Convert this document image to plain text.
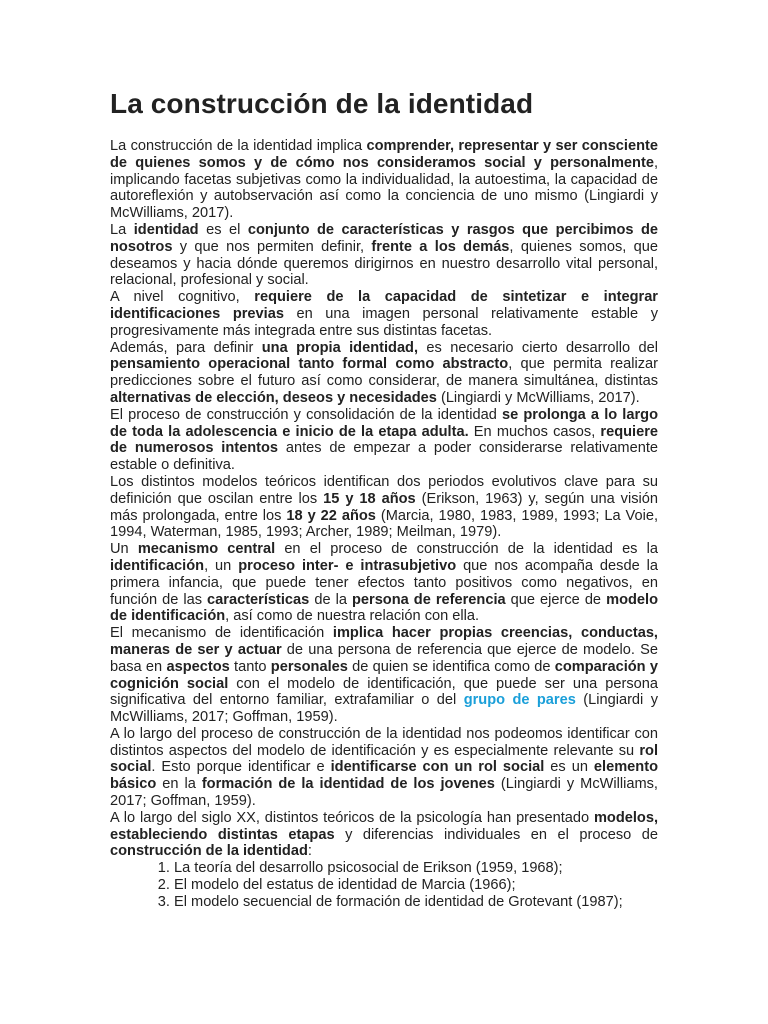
La construcción de la identidad

La construcción de la identidad implica comprender, representar y ser consciente de quienes somos y de cómo nos consideramos social y personalmente, implicando facetas subjetivas como la individualidad, la autoestima, la capacidad de autoreflexión y autobservación así como la conciencia de uno mismo (Lingiardi y McWilliams, 2017).

La identidad es el conjunto de características y rasgos que percibimos de nosotros y que nos permiten definir, frente a los demás, quienes somos, que deseamos y hacia dónde queremos dirigirnos en nuestro desarrollo vital personal, relacional, profesional y social.

A nivel cognitivo, requiere de la capacidad de sintetizar e integrar identificaciones previas en una imagen personal relativamente estable y progresivamente más integrada entre sus distintas facetas.

Además, para definir una propia identidad, es necesario cierto desarrollo del pensamiento operacional tanto formal como abstracto, que permita realizar predicciones sobre el futuro así como considerar, de manera simultánea, distintas alternativas de elección, deseos y necesidades (Lingiardi y McWilliams, 2017).

El proceso de construcción y consolidación de la identidad se prolonga a lo largo de toda la adolescencia e inicio de la etapa adulta. En muchos casos, requiere de numerosos intentos antes de empezar a poder considerarse relativamente estable o definitiva.

Los distintos modelos teóricos identifican dos periodos evolutivos clave para su definición que oscilan entre los 15 y 18 años (Erikson, 1963) y, según una visión más prolongada, entre los 18 y 22 años (Marcia, 1980, 1983, 1989, 1993; La Voie, 1994, Waterman, 1985, 1993; Archer, 1989; Meilman, 1979).

Un mecanismo central en el proceso de construcción de la identidad es la identificación, un proceso inter- e intrasubjetivo que nos acompaña desde la primera infancia, que puede tener efectos tanto positivos como negativos, en función de las características de la persona de referencia que ejerce de modelo de identificación, así como de nuestra relación con ella.

El mecanismo de identificación implica hacer propias creencias, conductas, maneras de ser y actuar de una persona de referencia que ejerce de modelo. Se basa en aspectos tanto personales de quien se identifica como de comparación y cognición social con el modelo de identificación, que puede ser una persona significativa del entorno familiar, extrafamiliar o del grupo de pares (Lingiardi y McWilliams, 2017; Goffman, 1959).

A lo largo del proceso de construcción de la identidad nos podeomos identificar con distintos aspectos del modelo de identificación y es especialmente relevante su rol social. Esto porque identificar e identificarse con un rol social es un elemento básico en la formación de la identidad de los jovenes (Lingiardi y McWilliams, 2017; Goffman, 1959).

A lo largo del siglo XX, distintos teóricos de la psicología han presentado modelos, estableciendo distintas etapas y diferencias individuales en el proceso de construcción de la identidad:

1. La teoría del desarrollo psicosocial de Erikson (1959, 1968);
2. El modelo del estatus de identidad de Marcia (1966);
3. El modelo secuencial de formación de identidad de Grotevant (1987);
